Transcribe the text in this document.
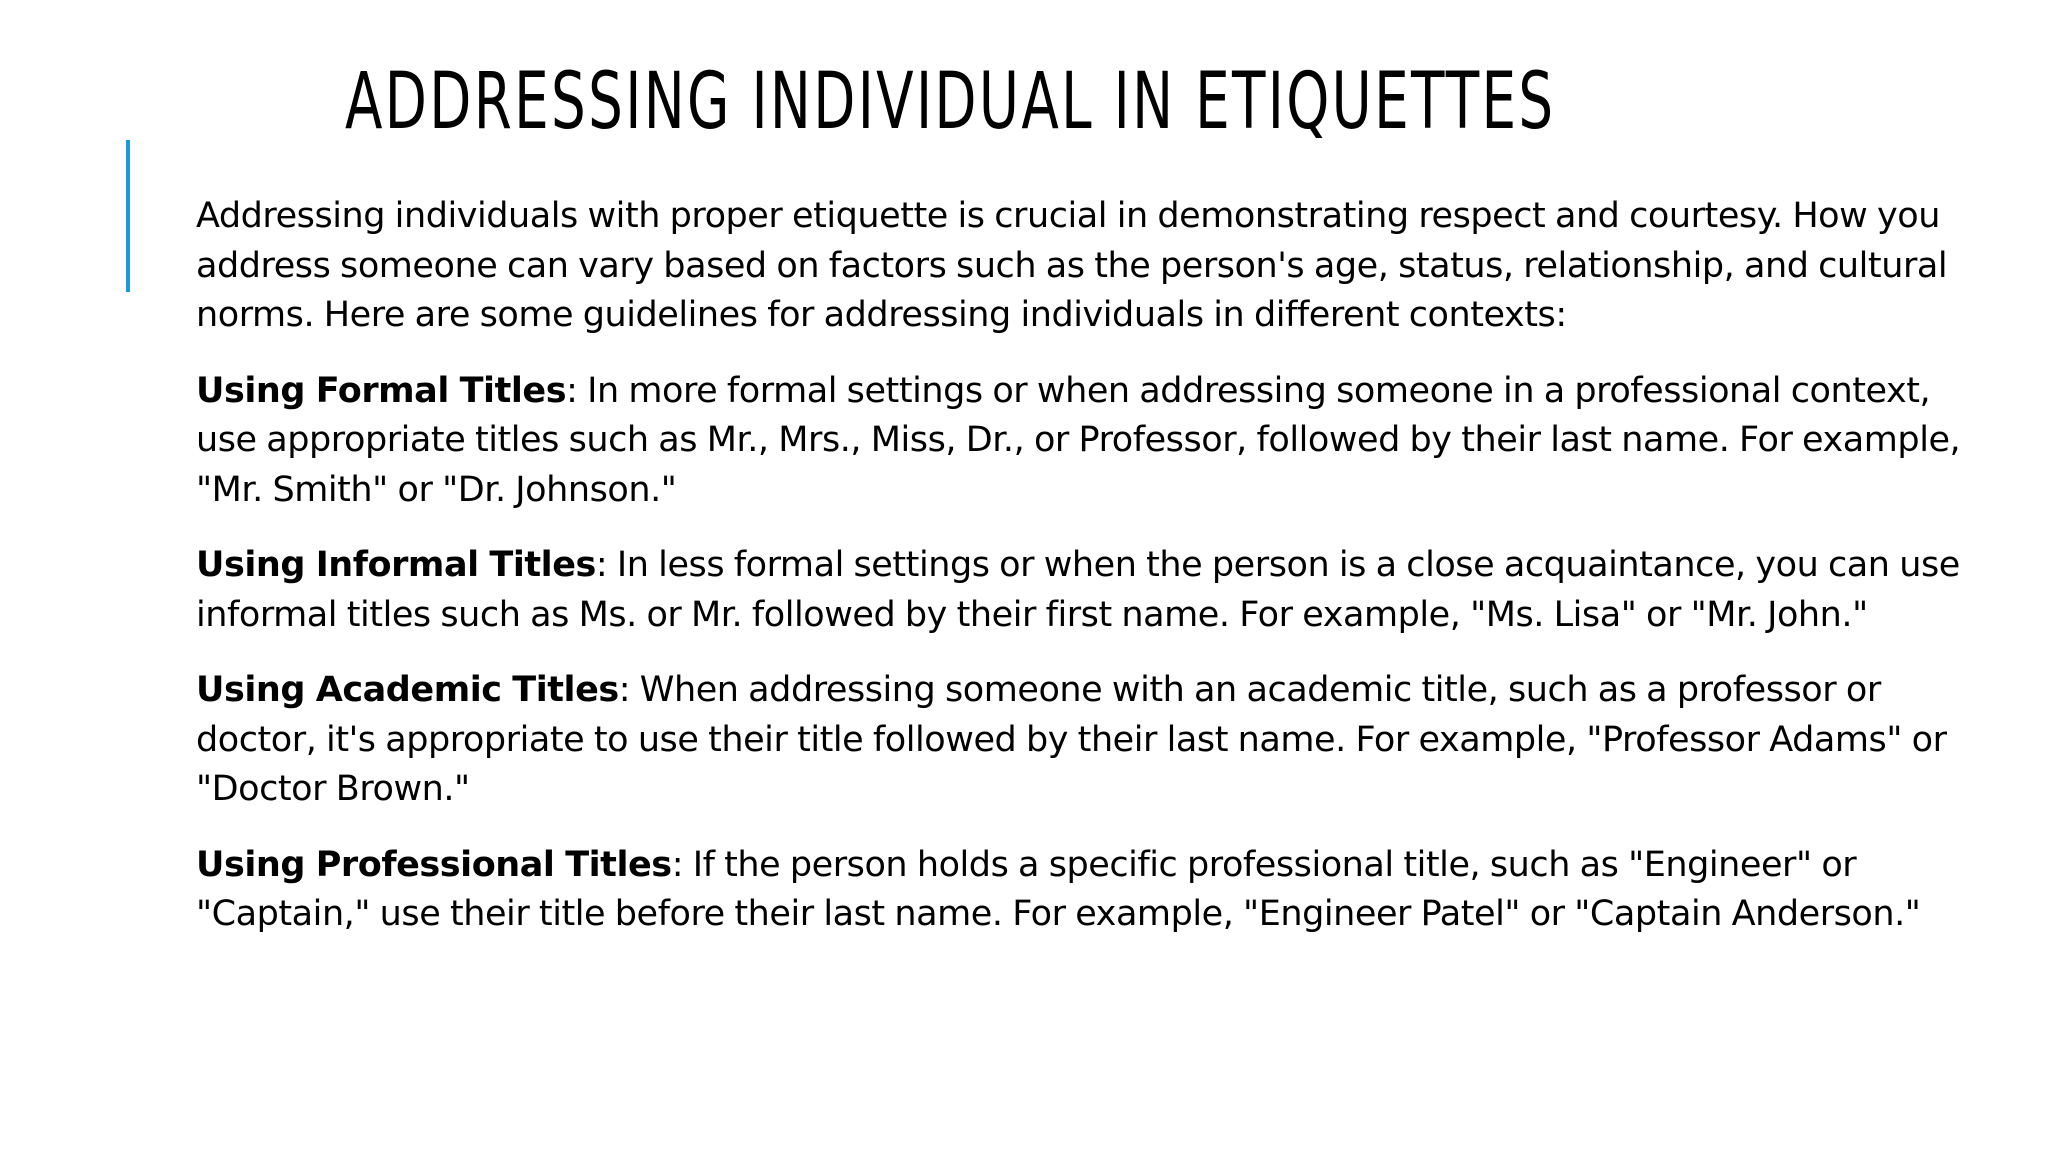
ADDRESSING INDIVIDUAL IN ETIQUETTES

Addressing individuals with proper etiquette is crucial in demonstrating respect and courtesy. How you address someone can vary based on factors such as the person's age, status, relationship, and cultural norms. Here are some guidelines for addressing individuals in different contexts:

Using Formal Titles: In more formal settings or when addressing someone in a professional context, use appropriate titles such as Mr., Mrs., Miss, Dr., or Professor, followed by their last name. For example, "Mr. Smith" or "Dr. Johnson."

Using Informal Titles: In less formal settings or when the person is a close acquaintance, you can use informal titles such as Ms. or Mr. followed by their first name. For example, "Ms. Lisa" or "Mr. John."

Using Academic Titles: When addressing someone with an academic title, such as a professor or doctor, it's appropriate to use their title followed by their last name. For example, "Professor Adams" or "Doctor Brown."

Using Professional Titles: If the person holds a specific professional title, such as "Engineer" or "Captain," use their title before their last name. For example, "Engineer Patel" or "Captain Anderson."
